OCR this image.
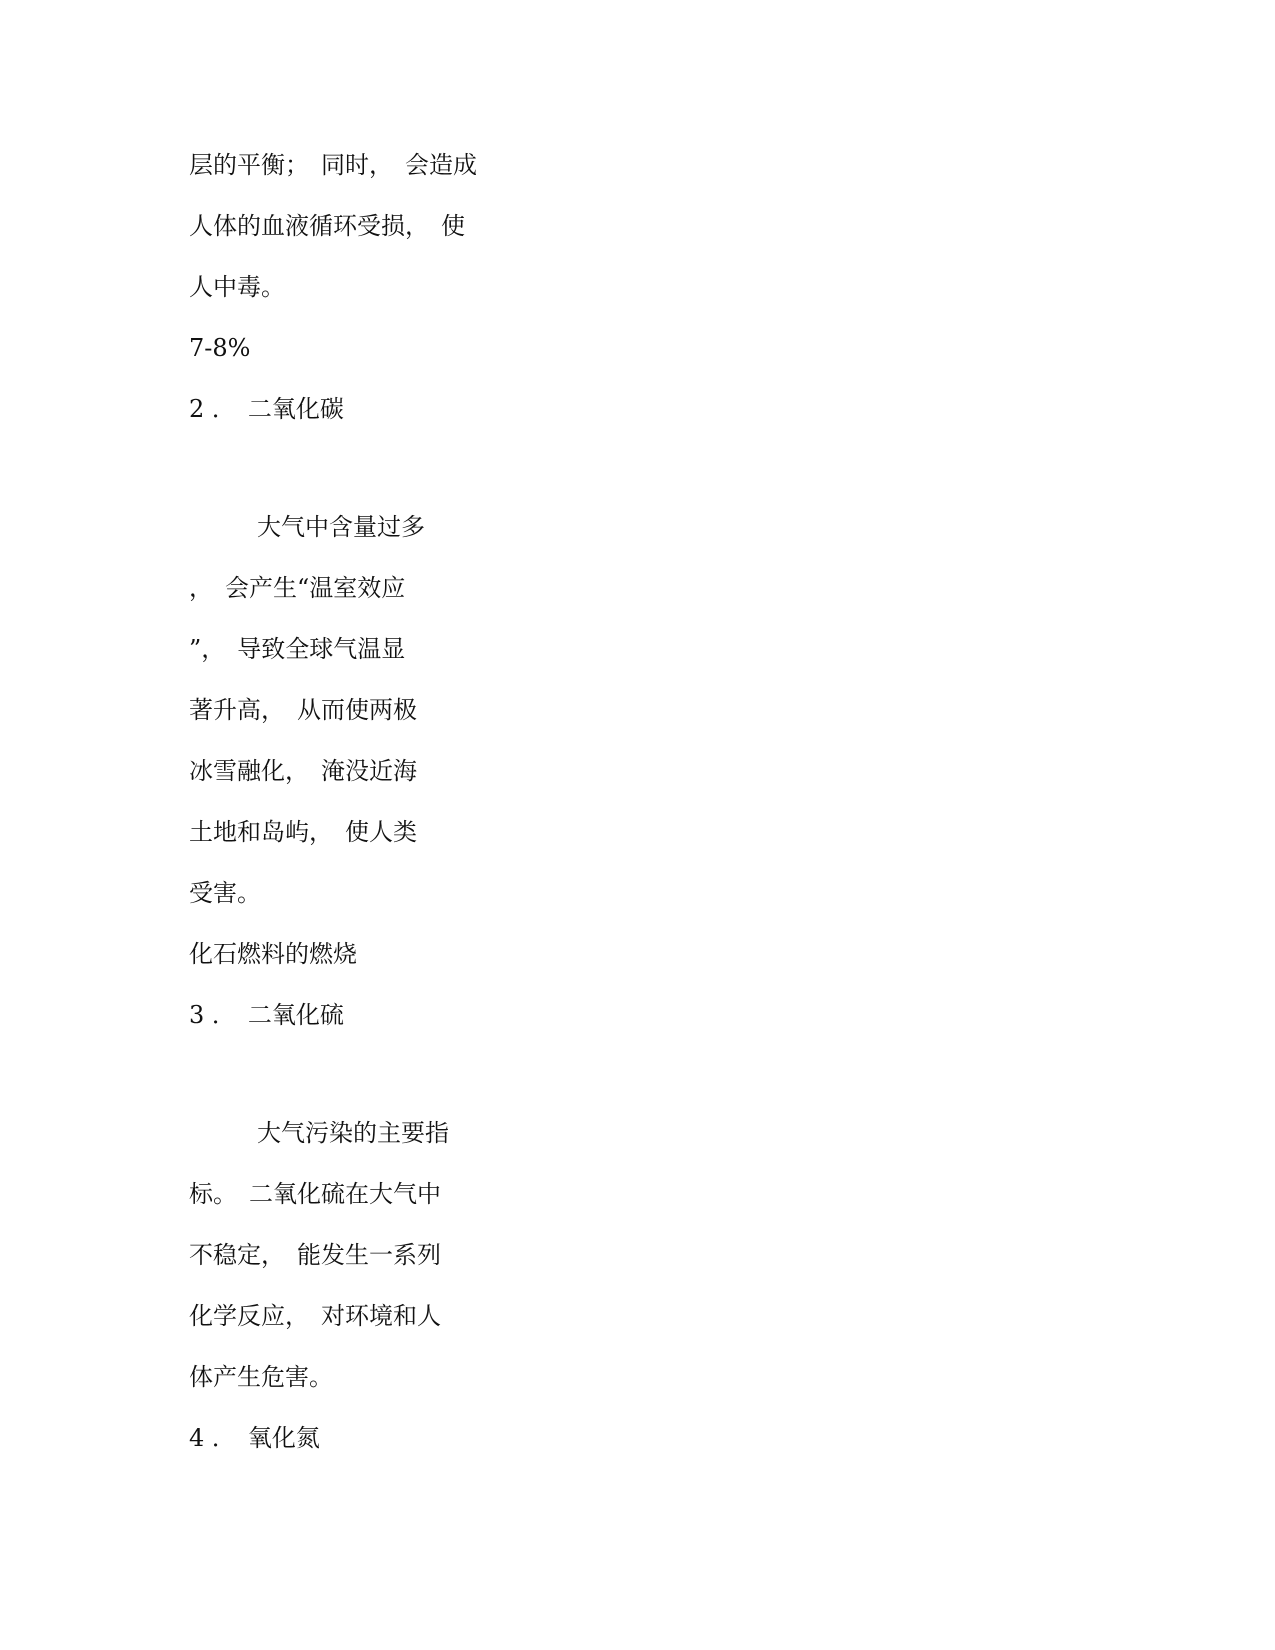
层的平衡；　同时，　会造成
人体的血液循环受损，　使
人中毒。
7-8%
2 ．　二氧化碳
大气中含量过多
，　会产生“温室效应
”，　导致全球气温显
著升高，　从而使两极
冰雪融化，　淹没近海
土地和岛屿，　使人类
受害。
化石燃料的燃烧
3 ．　二氧化硫
大气污染的主要指
标。　二氧化硫在大气中
不稳定，　能发生一系列
化学反应，　对环境和人
体产生危害。
4 ．　氧化氮
